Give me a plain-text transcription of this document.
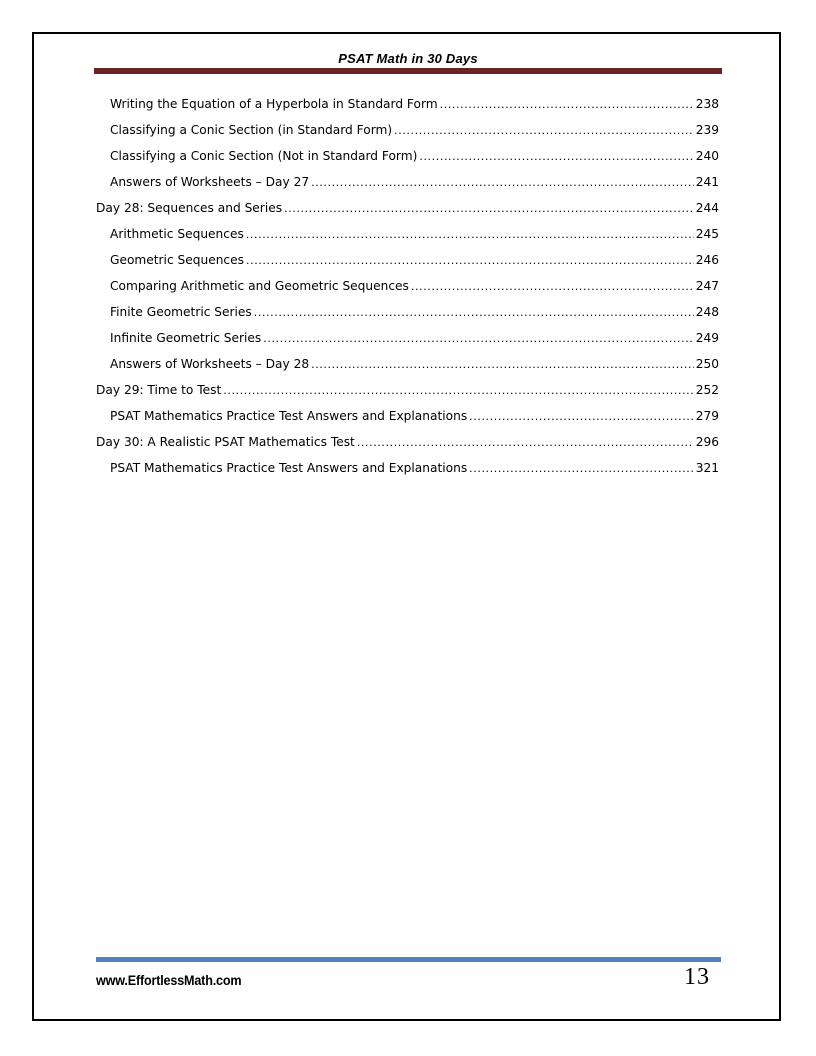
PSAT Math in 30 Days
Writing the Equation of a Hyperbola in Standard Form .....	238
Classifying a Conic Section (in Standard Form) .....	239
Classifying a Conic Section (Not in Standard Form) .....	240
Answers of Worksheets – Day 27 .....	241
Day 28: Sequences and Series .....	244
Arithmetic Sequences .....	245
Geometric Sequences .....	246
Comparing Arithmetic and Geometric Sequences .....	247
Finite Geometric Series .....	248
Infinite Geometric Series .....	249
Answers of Worksheets – Day 28 .....	250
Day 29: Time to Test .....	252
PSAT Mathematics Practice Test Answers and Explanations .....	279
Day 30: A Realistic PSAT Mathematics Test .....	296
PSAT Mathematics Practice Test Answers and Explanations .....	321
www.EffortlessMath.com	13
